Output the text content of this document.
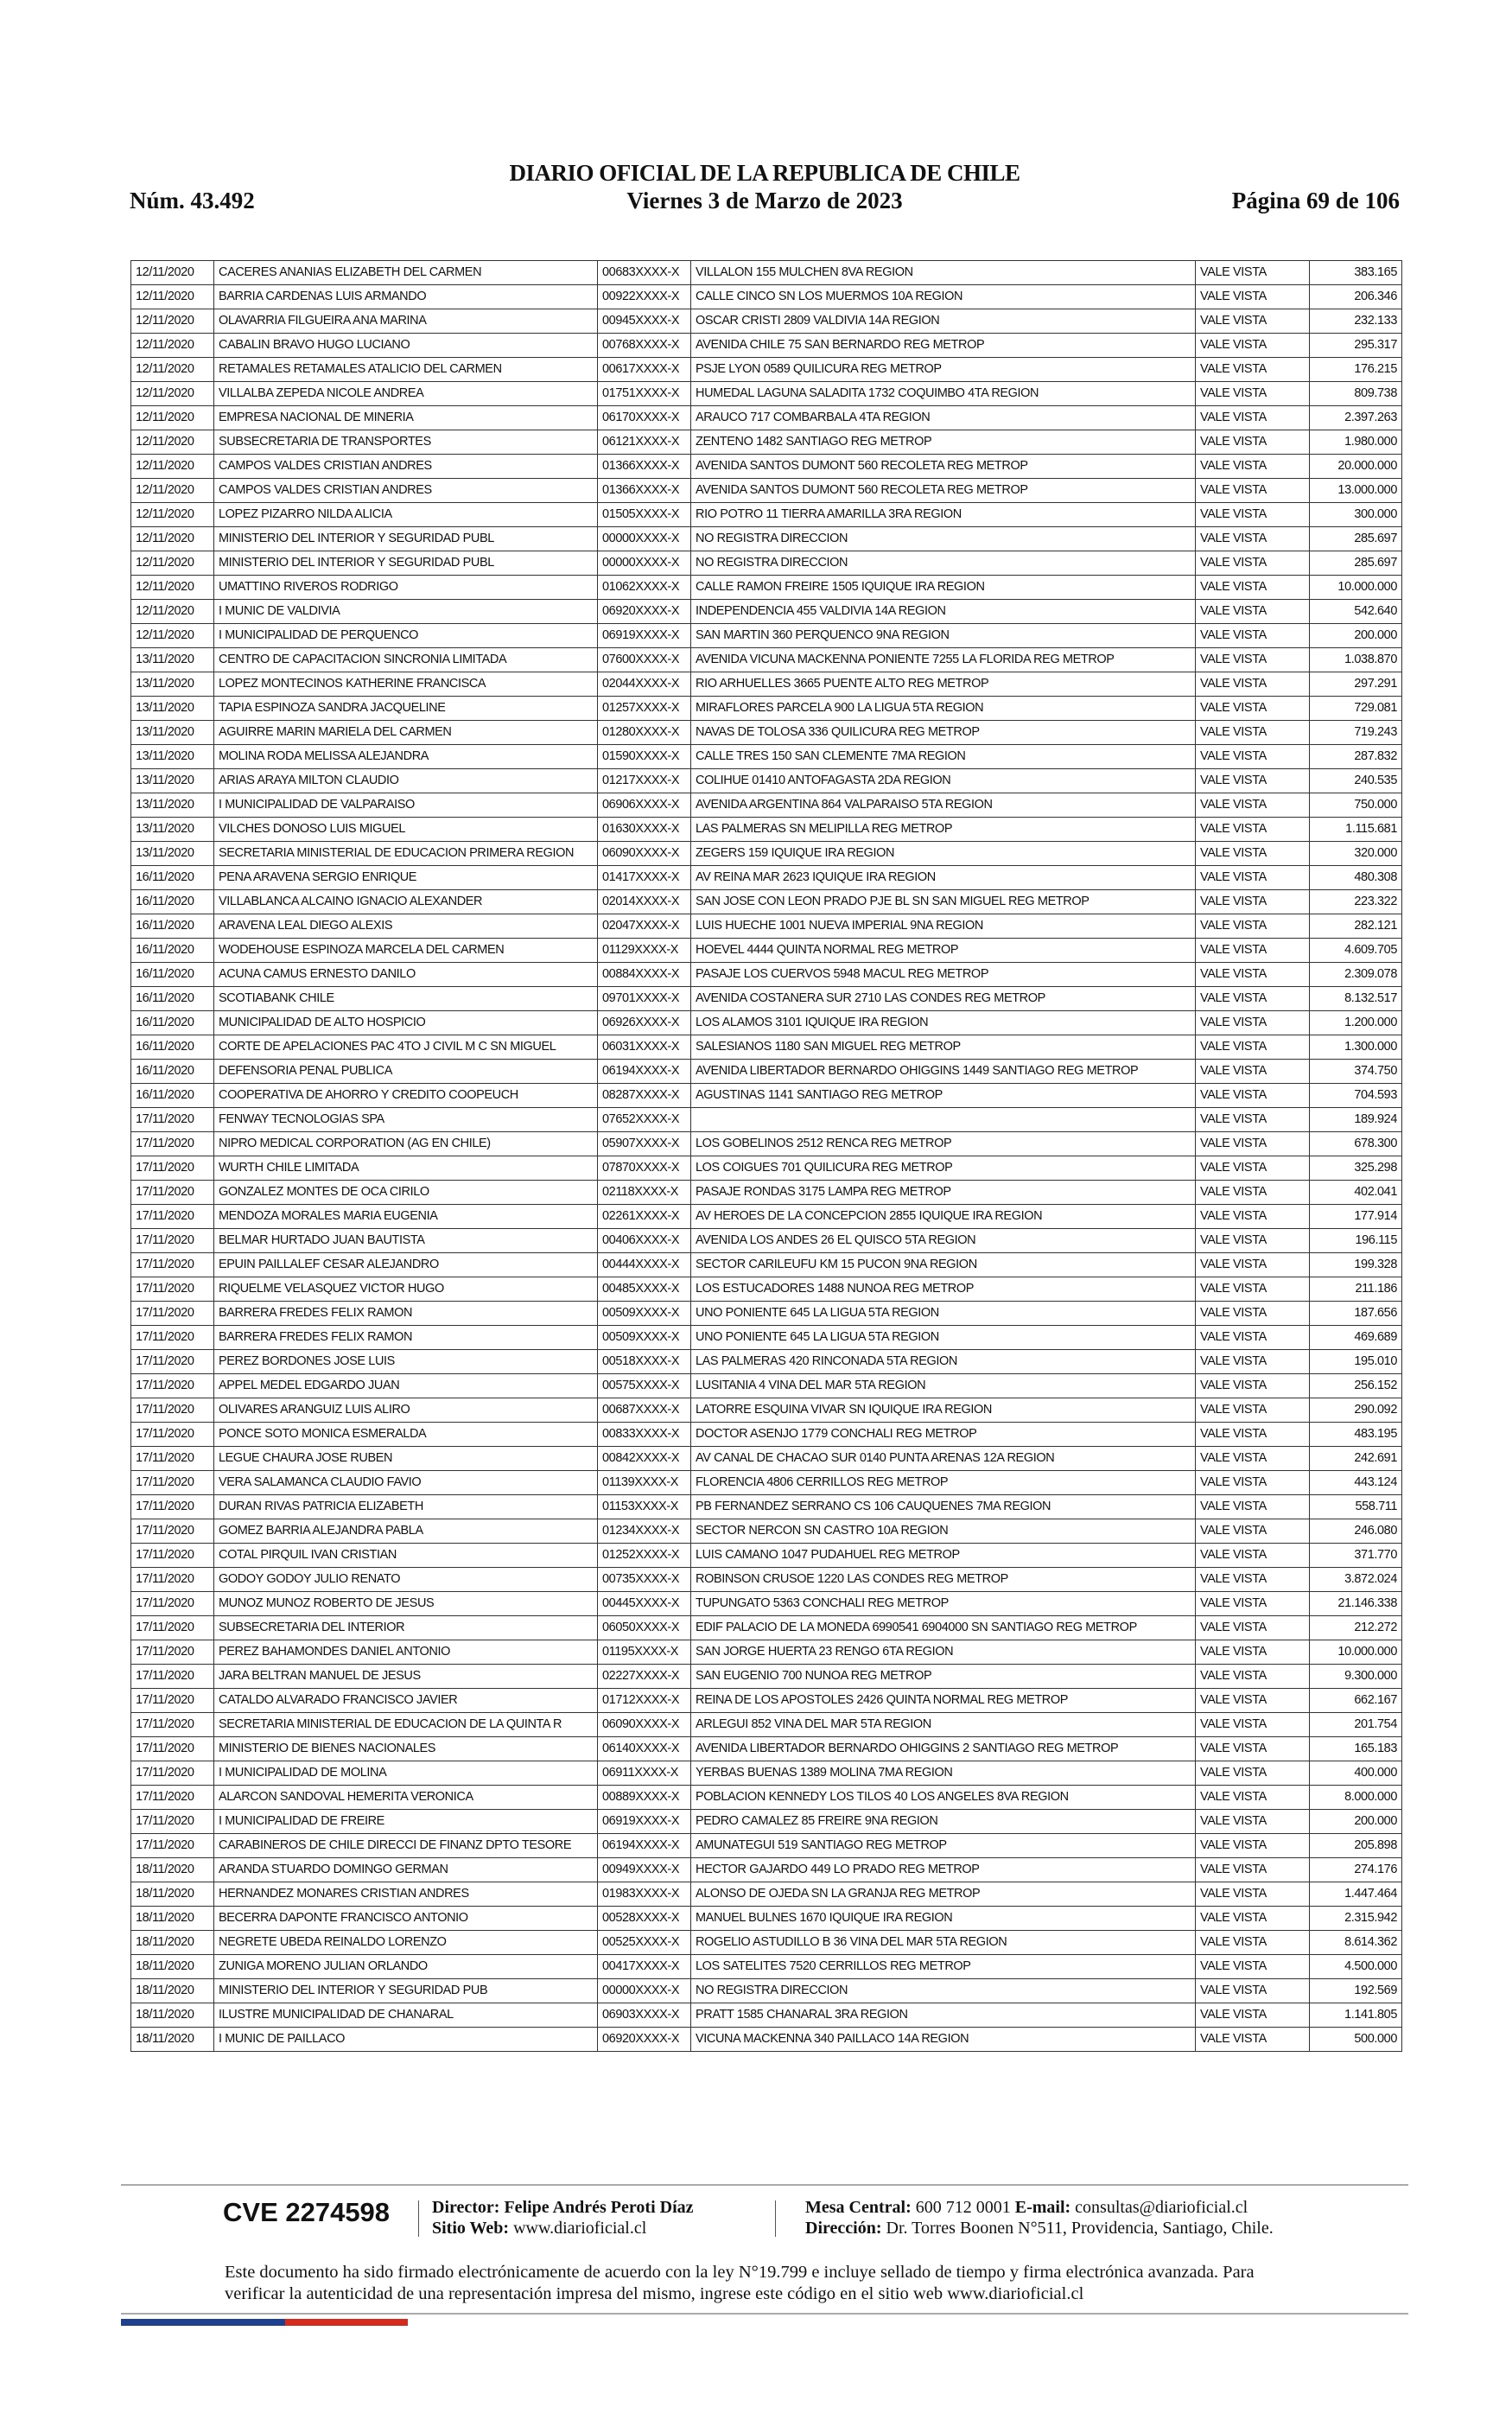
DIARIO OFICIAL DE LA REPUBLICA DE CHILE
Núm. 43.492	Viernes 3 de Marzo de 2023	Página 69 de 106
12/11/2020	CACERES ANANIAS ELIZABETH DEL CARMEN	00683XXXX-X	VILLALON 155 MULCHEN 8VA REGION	VALE VISTA	383.165
12/11/2020	BARRIA CARDENAS LUIS ARMANDO	00922XXXX-X	CALLE CINCO SN LOS MUERMOS 10A REGION	VALE VISTA	206.346
12/11/2020	OLAVARRIA FILGUEIRA ANA MARINA	00945XXXX-X	OSCAR CRISTI 2809 VALDIVIA 14A REGION	VALE VISTA	232.133
12/11/2020	CABALIN BRAVO HUGO LUCIANO	00768XXXX-X	AVENIDA CHILE 75 SAN BERNARDO REG METROP	VALE VISTA	295.317
12/11/2020	RETAMALES RETAMALES ATALICIO DEL CARMEN	00617XXXX-X	PSJE LYON 0589 QUILICURA REG METROP	VALE VISTA	176.215
12/11/2020	VILLALBA ZEPEDA NICOLE ANDREA	01751XXXX-X	HUMEDAL LAGUNA SALADITA 1732 COQUIMBO 4TA REGION	VALE VISTA	809.738
12/11/2020	EMPRESA NACIONAL DE MINERIA	06170XXXX-X	ARAUCO 717 COMBARBALA 4TA REGION	VALE VISTA	2.397.263
12/11/2020	SUBSECRETARIA DE TRANSPORTES	06121XXXX-X	ZENTENO 1482 SANTIAGO REG METROP	VALE VISTA	1.980.000
12/11/2020	CAMPOS VALDES CRISTIAN ANDRES	01366XXXX-X	AVENIDA SANTOS DUMONT 560 RECOLETA REG METROP	VALE VISTA	20.000.000
12/11/2020	CAMPOS VALDES CRISTIAN ANDRES	01366XXXX-X	AVENIDA SANTOS DUMONT 560 RECOLETA REG METROP	VALE VISTA	13.000.000
12/11/2020	LOPEZ PIZARRO NILDA ALICIA	01505XXXX-X	RIO POTRO 11 TIERRA AMARILLA 3RA REGION	VALE VISTA	300.000
12/11/2020	MINISTERIO DEL INTERIOR Y SEGURIDAD PUBL	00000XXXX-X	NO REGISTRA DIRECCION	VALE VISTA	285.697
12/11/2020	MINISTERIO DEL INTERIOR Y SEGURIDAD PUBL	00000XXXX-X	NO REGISTRA DIRECCION	VALE VISTA	285.697
12/11/2020	UMATTINO RIVEROS RODRIGO	01062XXXX-X	CALLE RAMON FREIRE 1505 IQUIQUE IRA REGION	VALE VISTA	10.000.000
12/11/2020	I MUNIC DE VALDIVIA	06920XXXX-X	INDEPENDENCIA 455 VALDIVIA 14A REGION	VALE VISTA	542.640
12/11/2020	I MUNICIPALIDAD DE PERQUENCO	06919XXXX-X	SAN MARTIN 360 PERQUENCO 9NA REGION	VALE VISTA	200.000
13/11/2020	CENTRO DE CAPACITACION SINCRONIA LIMITADA	07600XXXX-X	AVENIDA VICUNA MACKENNA PONIENTE 7255 LA FLORIDA REG METROP	VALE VISTA	1.038.870
13/11/2020	LOPEZ MONTECINOS KATHERINE FRANCISCA	02044XXXX-X	RIO ARHUELLES 3665 PUENTE ALTO REG METROP	VALE VISTA	297.291
13/11/2020	TAPIA ESPINOZA SANDRA JACQUELINE	01257XXXX-X	MIRAFLORES PARCELA 900 LA LIGUA 5TA REGION	VALE VISTA	729.081
13/11/2020	AGUIRRE MARIN MARIELA DEL CARMEN	01280XXXX-X	NAVAS DE TOLOSA 336 QUILICURA REG METROP	VALE VISTA	719.243
13/11/2020	MOLINA RODA MELISSA ALEJANDRA	01590XXXX-X	CALLE TRES 150 SAN CLEMENTE 7MA REGION	VALE VISTA	287.832
13/11/2020	ARIAS ARAYA MILTON CLAUDIO	01217XXXX-X	COLIHUE 01410 ANTOFAGASTA 2DA REGION	VALE VISTA	240.535
13/11/2020	I MUNICIPALIDAD DE VALPARAISO	06906XXXX-X	AVENIDA ARGENTINA 864 VALPARAISO 5TA REGION	VALE VISTA	750.000
13/11/2020	VILCHES DONOSO LUIS MIGUEL	01630XXXX-X	LAS PALMERAS SN MELIPILLA REG METROP	VALE VISTA	1.115.681
13/11/2020	SECRETARIA MINISTERIAL DE EDUCACION PRIMERA REGION	06090XXXX-X	ZEGERS 159 IQUIQUE IRA REGION	VALE VISTA	320.000
16/11/2020	PENA ARAVENA SERGIO ENRIQUE	01417XXXX-X	AV REINA MAR 2623 IQUIQUE IRA REGION	VALE VISTA	480.308
16/11/2020	VILLABLANCA ALCAINO IGNACIO ALEXANDER	02014XXXX-X	SAN JOSE CON LEON PRADO PJE BL SN SAN MIGUEL REG METROP	VALE VISTA	223.322
16/11/2020	ARAVENA LEAL DIEGO ALEXIS	02047XXXX-X	LUIS HUECHE 1001 NUEVA IMPERIAL 9NA REGION	VALE VISTA	282.121
16/11/2020	WODEHOUSE ESPINOZA MARCELA DEL CARMEN	01129XXXX-X	HOEVEL 4444 QUINTA NORMAL REG METROP	VALE VISTA	4.609.705
16/11/2020	ACUNA CAMUS ERNESTO DANILO	00884XXXX-X	PASAJE LOS CUERVOS 5948 MACUL REG METROP	VALE VISTA	2.309.078
16/11/2020	SCOTIABANK CHILE	09701XXXX-X	AVENIDA COSTANERA SUR 2710 LAS CONDES REG METROP	VALE VISTA	8.132.517
16/11/2020	MUNICIPALIDAD DE ALTO HOSPICIO	06926XXXX-X	LOS ALAMOS 3101 IQUIQUE IRA REGION	VALE VISTA	1.200.000
16/11/2020	CORTE DE APELACIONES PAC 4TO J CIVIL M C SN MIGUEL	06031XXXX-X	SALESIANOS 1180 SAN MIGUEL REG METROP	VALE VISTA	1.300.000
16/11/2020	DEFENSORIA PENAL PUBLICA	06194XXXX-X	AVENIDA LIBERTADOR BERNARDO OHIGGINS 1449 SANTIAGO REG METROP	VALE VISTA	374.750
16/11/2020	COOPERATIVA DE AHORRO Y CREDITO COOPEUCH	08287XXXX-X	AGUSTINAS 1141 SANTIAGO REG METROP	VALE VISTA	704.593
17/11/2020	FENWAY TECNOLOGIAS SPA	07652XXXX-X		VALE VISTA	189.924
17/11/2020	NIPRO MEDICAL CORPORATION (AG EN CHILE)	05907XXXX-X	LOS GOBELINOS 2512 RENCA REG METROP	VALE VISTA	678.300
17/11/2020	WURTH CHILE LIMITADA	07870XXXX-X	LOS COIGUES 701 QUILICURA REG METROP	VALE VISTA	325.298
17/11/2020	GONZALEZ MONTES DE OCA CIRILO	02118XXXX-X	PASAJE RONDAS 3175 LAMPA REG METROP	VALE VISTA	402.041
17/11/2020	MENDOZA MORALES MARIA EUGENIA	02261XXXX-X	AV HEROES DE LA CONCEPCION 2855 IQUIQUE IRA REGION	VALE VISTA	177.914
17/11/2020	BELMAR HURTADO JUAN BAUTISTA	00406XXXX-X	AVENIDA LOS ANDES 26 EL QUISCO 5TA REGION	VALE VISTA	196.115
17/11/2020	EPUIN PAILLALEF CESAR ALEJANDRO	00444XXXX-X	SECTOR CARILEUFU KM 15 PUCON 9NA REGION	VALE VISTA	199.328
17/11/2020	RIQUELME VELASQUEZ VICTOR HUGO	00485XXXX-X	LOS ESTUCADORES 1488 NUNOA REG METROP	VALE VISTA	211.186
17/11/2020	BARRERA FREDES FELIX RAMON	00509XXXX-X	UNO PONIENTE 645 LA LIGUA 5TA REGION	VALE VISTA	187.656
17/11/2020	BARRERA FREDES FELIX RAMON	00509XXXX-X	UNO PONIENTE 645 LA LIGUA 5TA REGION	VALE VISTA	469.689
17/11/2020	PEREZ BORDONES JOSE LUIS	00518XXXX-X	LAS PALMERAS 420 RINCONADA 5TA REGION	VALE VISTA	195.010
17/11/2020	APPEL MEDEL EDGARDO JUAN	00575XXXX-X	LUSITANIA 4 VINA DEL MAR 5TA REGION	VALE VISTA	256.152
17/11/2020	OLIVARES ARANGUIZ LUIS ALIRO	00687XXXX-X	LATORRE ESQUINA VIVAR SN IQUIQUE IRA REGION	VALE VISTA	290.092
17/11/2020	PONCE SOTO MONICA ESMERALDA	00833XXXX-X	DOCTOR ASENJO 1779 CONCHALI REG METROP	VALE VISTA	483.195
17/11/2020	LEGUE CHAURA JOSE RUBEN	00842XXXX-X	AV CANAL DE CHACAO SUR 0140 PUNTA ARENAS 12A REGION	VALE VISTA	242.691
17/11/2020	VERA SALAMANCA CLAUDIO FAVIO	01139XXXX-X	FLORENCIA 4806 CERRILLOS REG METROP	VALE VISTA	443.124
17/11/2020	DURAN RIVAS PATRICIA ELIZABETH	01153XXXX-X	PB FERNANDEZ SERRANO CS 106 CAUQUENES 7MA REGION	VALE VISTA	558.711
17/11/2020	GOMEZ BARRIA ALEJANDRA PABLA	01234XXXX-X	SECTOR NERCON SN CASTRO 10A REGION	VALE VISTA	246.080
17/11/2020	COTAL PIRQUIL IVAN CRISTIAN	01252XXXX-X	LUIS CAMANO 1047 PUDAHUEL REG METROP	VALE VISTA	371.770
17/11/2020	GODOY GODOY JULIO RENATO	00735XXXX-X	ROBINSON CRUSOE 1220 LAS CONDES REG METROP	VALE VISTA	3.872.024
17/11/2020	MUNOZ MUNOZ ROBERTO DE JESUS	00445XXXX-X	TUPUNGATO 5363 CONCHALI REG METROP	VALE VISTA	21.146.338
17/11/2020	SUBSECRETARIA DEL INTERIOR	06050XXXX-X	EDIF PALACIO DE LA MONEDA 6990541 6904000 SN SANTIAGO REG METROP	VALE VISTA	212.272
17/11/2020	PEREZ BAHAMONDES DANIEL ANTONIO	01195XXXX-X	SAN JORGE HUERTA 23 RENGO 6TA REGION	VALE VISTA	10.000.000
17/11/2020	JARA BELTRAN MANUEL DE JESUS	02227XXXX-X	SAN EUGENIO 700 NUNOA REG METROP	VALE VISTA	9.300.000
17/11/2020	CATALDO ALVARADO FRANCISCO JAVIER	01712XXXX-X	REINA DE LOS APOSTOLES 2426 QUINTA NORMAL REG METROP	VALE VISTA	662.167
17/11/2020	SECRETARIA MINISTERIAL DE EDUCACION DE LA QUINTA R	06090XXXX-X	ARLEGUI 852 VINA DEL MAR 5TA REGION	VALE VISTA	201.754
17/11/2020	MINISTERIO DE BIENES NACIONALES	06140XXXX-X	AVENIDA LIBERTADOR BERNARDO OHIGGINS 2 SANTIAGO REG METROP	VALE VISTA	165.183
17/11/2020	I MUNICIPALIDAD DE MOLINA	06911XXXX-X	YERBAS BUENAS 1389 MOLINA 7MA REGION	VALE VISTA	400.000
17/11/2020	ALARCON SANDOVAL HEMERITA VERONICA	00889XXXX-X	POBLACION KENNEDY LOS TILOS 40 LOS ANGELES 8VA REGION	VALE VISTA	8.000.000
17/11/2020	I MUNICIPALIDAD DE FREIRE	06919XXXX-X	PEDRO CAMALEZ 85 FREIRE 9NA REGION	VALE VISTA	200.000
17/11/2020	CARABINEROS DE CHILE DIRECCI DE FINANZ DPTO TESORE	06194XXXX-X	AMUNATEGUI 519 SANTIAGO REG METROP	VALE VISTA	205.898
18/11/2020	ARANDA STUARDO DOMINGO GERMAN	00949XXXX-X	HECTOR GAJARDO 449 LO PRADO REG METROP	VALE VISTA	274.176
18/11/2020	HERNANDEZ MONARES CRISTIAN ANDRES	01983XXXX-X	ALONSO DE OJEDA SN LA GRANJA REG METROP	VALE VISTA	1.447.464
18/11/2020	BECERRA DAPONTE FRANCISCO ANTONIO	00528XXXX-X	MANUEL BULNES 1670 IQUIQUE IRA REGION	VALE VISTA	2.315.942
18/11/2020	NEGRETE UBEDA REINALDO LORENZO	00525XXXX-X	ROGELIO ASTUDILLO B 36 VINA DEL MAR 5TA REGION	VALE VISTA	8.614.362
18/11/2020	ZUNIGA MORENO JULIAN ORLANDO	00417XXXX-X	LOS SATELITES 7520 CERRILLOS REG METROP	VALE VISTA	4.500.000
18/11/2020	MINISTERIO DEL INTERIOR Y SEGURIDAD PUB	00000XXXX-X	NO REGISTRA DIRECCION	VALE VISTA	192.569
18/11/2020	ILUSTRE MUNICIPALIDAD DE CHANARAL	06903XXXX-X	PRATT 1585 CHANARAL 3RA REGION	VALE VISTA	1.141.805
18/11/2020	I MUNIC DE PAILLACO	06920XXXX-X	VICUNA MACKENNA 340 PAILLACO 14A REGION	VALE VISTA	500.000
CVE 2274598 Director: Felipe Andrés Peroti Díaz
Sitio Web: www.diarioficial.cl
Mesa Central: 600 712 0001 E-mail: consultas@diarioficial.cl
Dirección: Dr. Torres Boonen N°511, Providencia, Santiago, Chile.
Este documento ha sido firmado electrónicamente de acuerdo con la ley N°19.799 e incluye sellado de tiempo y firma electrónica avanzada. Para verificar la autenticidad de una representación impresa del mismo, ingrese este código en el sitio web www.diarioficial.cl
